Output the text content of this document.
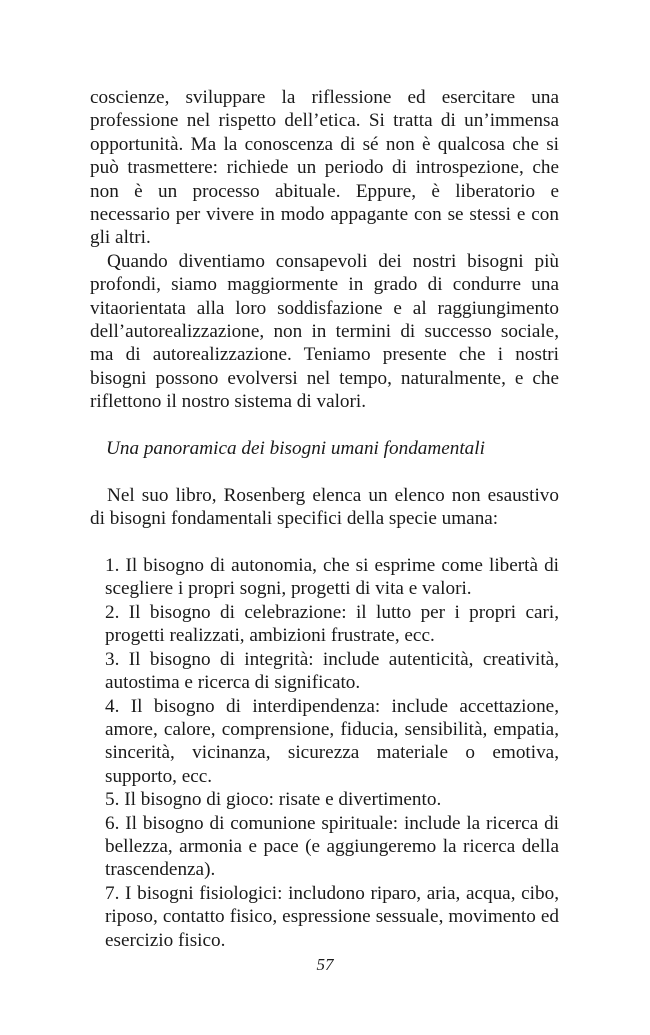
coscienze, sviluppare la riflessione ed esercitare una professione nel rispetto dell’etica. Si tratta di un’immensa opportunità. Ma la conoscenza di sé non è qualcosa che si può trasmettere: richiede un periodo di introspezione, che non è un processo abituale. Eppure, è liberatorio e necessario per vivere in modo appagante con se stessi e con gli altri.

Quando diventiamo consapevoli dei nostri bisogni più profondi, siamo maggiormente in grado di condurre una vitaorientata alla loro soddisfazione e al raggiungimento dell’autorealizzazione, non in termini di successo sociale, ma di autorealizzazione. Teniamo presente che i nostri bisogni possono evolversi nel tempo, naturalmente, e che riflettono il nostro sistema di valori.

Una panoramica dei bisogni umani fondamentali

Nel suo libro, Rosenberg elenca un elenco non esaustivo di bisogni fondamentali specifici della specie umana:

1. Il bisogno di autonomia, che si esprime come libertà di scegliere i propri sogni, progetti di vita e valori.
2. Il bisogno di celebrazione: il lutto per i propri cari, progetti realizzati, ambizioni frustrate, ecc.
3. Il bisogno di integrità: include autenticità, creatività, autostima e ricerca di significato.
4. Il bisogno di interdipendenza: include accettazione, amore, calore, comprensione, fiducia, sensibilità, empatia, sincerità, vicinanza, sicurezza materiale o emotiva, supporto, ecc.
5. Il bisogno di gioco: risate e divertimento.
6. Il bisogno di comunione spirituale: include la ricerca di bellezza, armonia e pace (e aggiungeremo la ricerca della trascendenza).
7. I bisogni fisiologici: includono riparo, aria, acqua, cibo, riposo, contatto fisico, espressione sessuale, movimento ed esercizio fisico.
57
